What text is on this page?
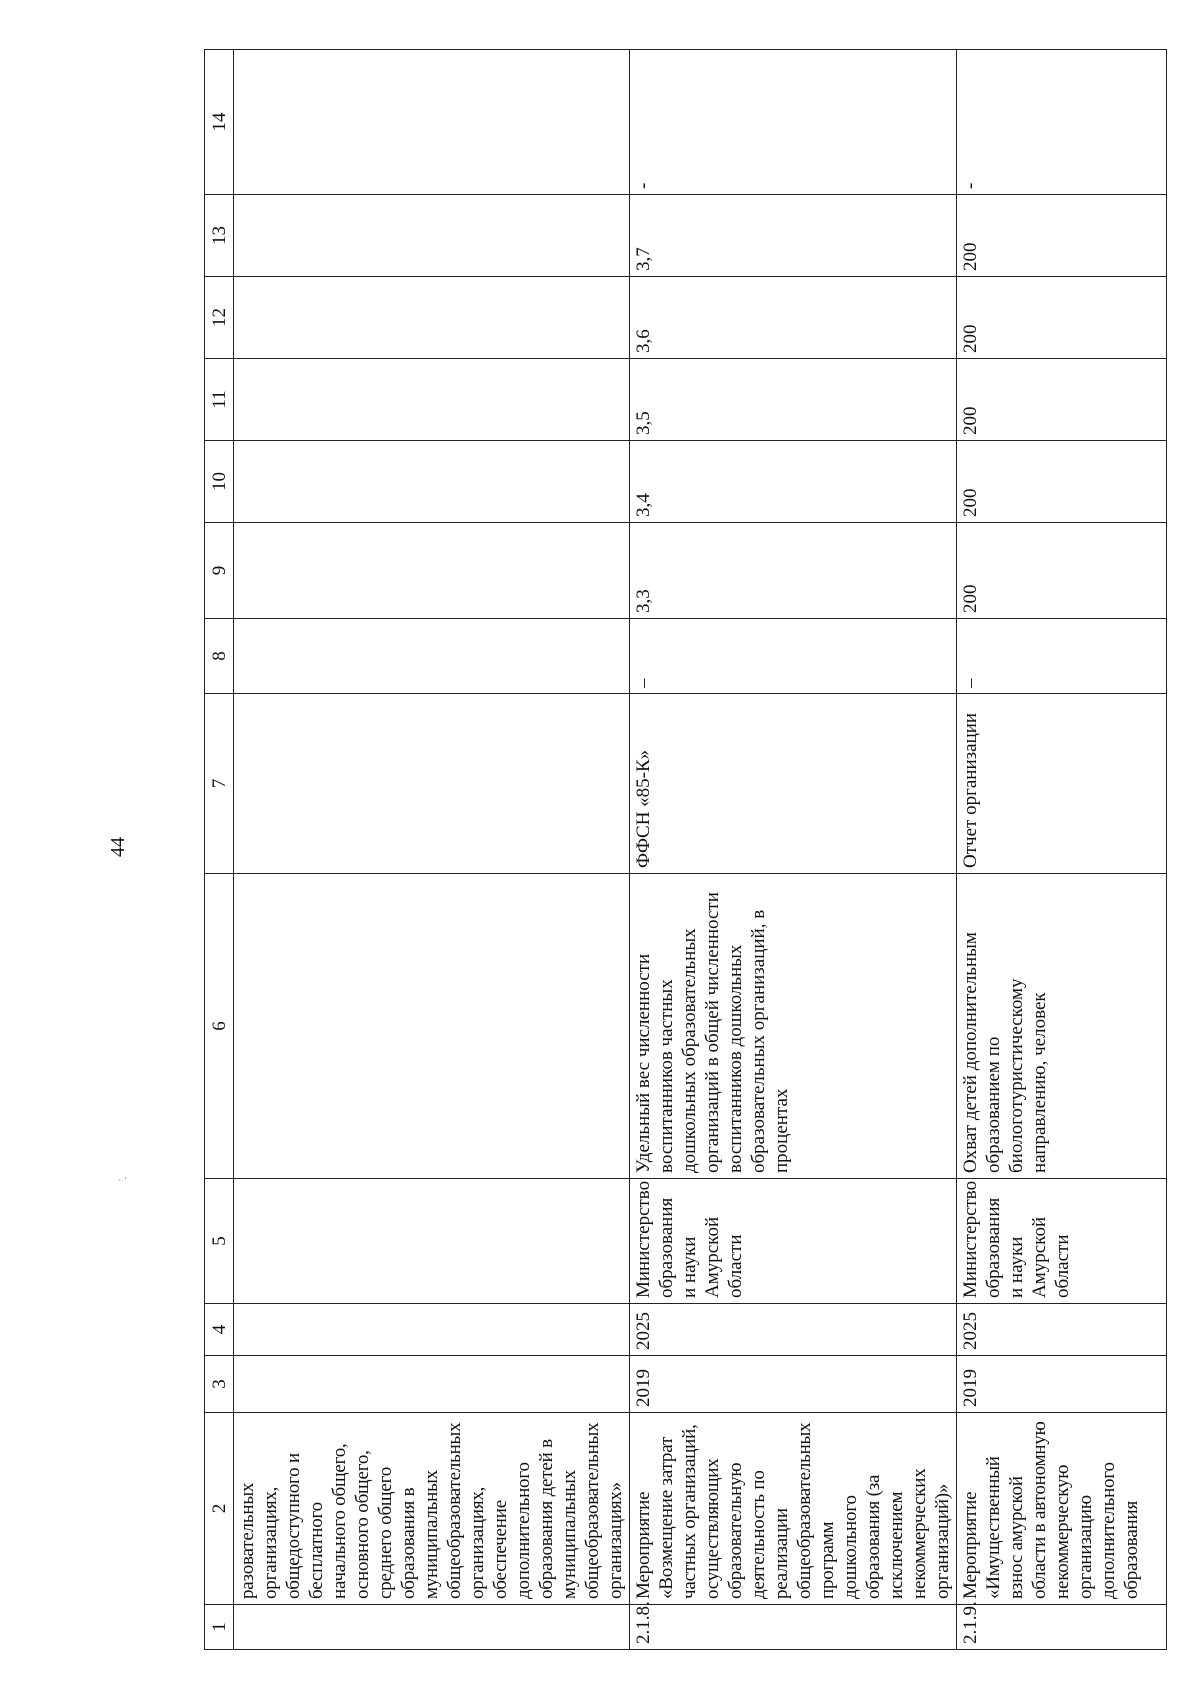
44
· '
1	2	3	4	5	6	7	8	9	10	11	12	13	14
	разовательных организациях, общедоступного и бесплатного начального общего, основного общего, среднего общего образования в муниципальных общеобразовательных организациях, обеспечение дополнительного образования детей в муниципальных общеобразовательных организациях»												
2.1.8.	Мероприятие «Возмещение затрат частных организаций, осуществляющих образовательную деятельность по реализации общеобразовательных программ дошкольного образования (за исключением некоммерческих организаций)»	2019	2025	Министерство образования и науки Амурской области	Удельный вес численности воспитанников частных дошкольных образовательных организаций в общей численности воспитанников дошкольных образовательных организаций, в процентах	ФФСН «85-К»	–	3,3	3,4	3,5	3,6	3,7	-
2.1.9.	Мероприятие «Имущественный взнос амурской области в автономную некоммерческую организацию дополнительного образования	2019	2025	Министерство образования и науки Амурской области	Охват детей дополнительным образованием по биологотуристическому направлению, человек	Отчет организации	–	200	200	200	200	200	-
